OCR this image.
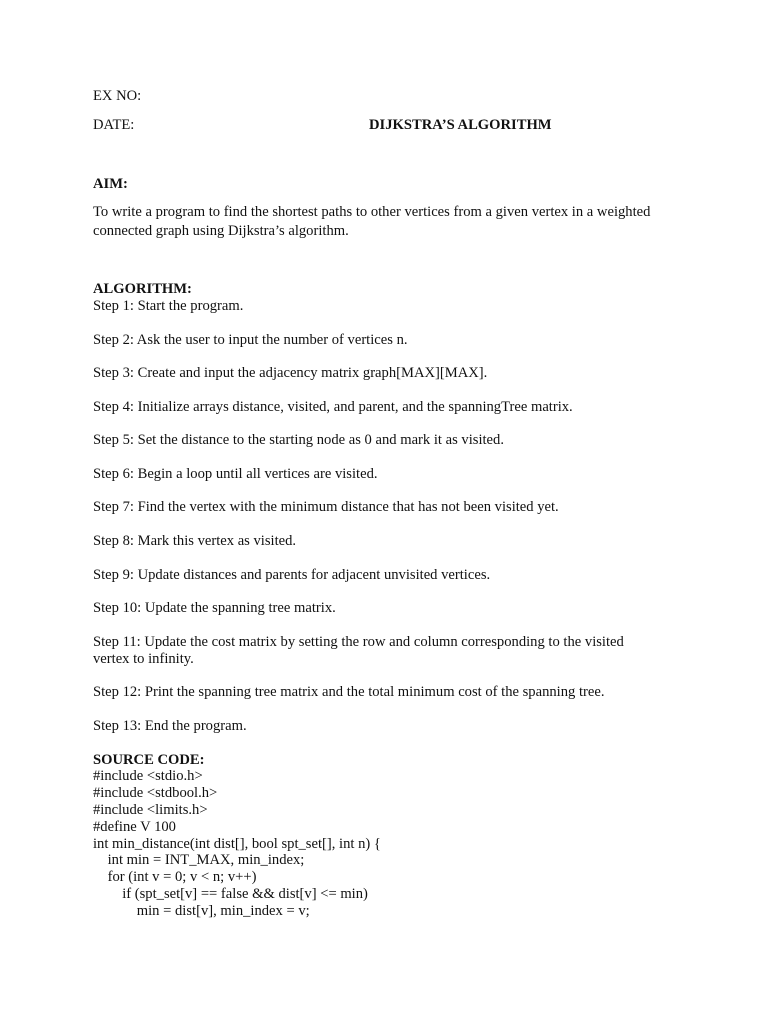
EX NO:
DATE:	DIJKSTRA’S ALGORITHM
AIM:
To write a program to find the shortest paths to other vertices from a given vertex in a weighted connected graph using Dijkstra’s algorithm.
ALGORITHM:
Step 1: Start the program.
Step 2: Ask the user to input the number of vertices n.
Step 3: Create and input the adjacency matrix graph[MAX][MAX].
Step 4: Initialize arrays distance, visited, and parent, and the spanningTree matrix.
Step 5: Set the distance to the starting node as 0 and mark it as visited.
Step 6: Begin a loop until all vertices are visited.
Step 7: Find the vertex with the minimum distance that has not been visited yet.
Step 8: Mark this vertex as visited.
Step 9: Update distances and parents for adjacent unvisited vertices.
Step 10: Update the spanning tree matrix.
Step 11: Update the cost matrix by setting the row and column corresponding to the visited
vertex to infinity.
Step 12: Print the spanning tree matrix and the total minimum cost of the spanning tree.
Step 13: End the program.
SOURCE CODE:
#include <stdio.h>
#include <stdbool.h>
#include <limits.h>
#define V 100
int min_distance(int dist[], bool spt_set[], int n) {
int min = INT_MAX, min_index;
for (int v = 0; v < n; v++)
if (spt_set[v] == false && dist[v] <= min)
min = dist[v], min_index = v;
